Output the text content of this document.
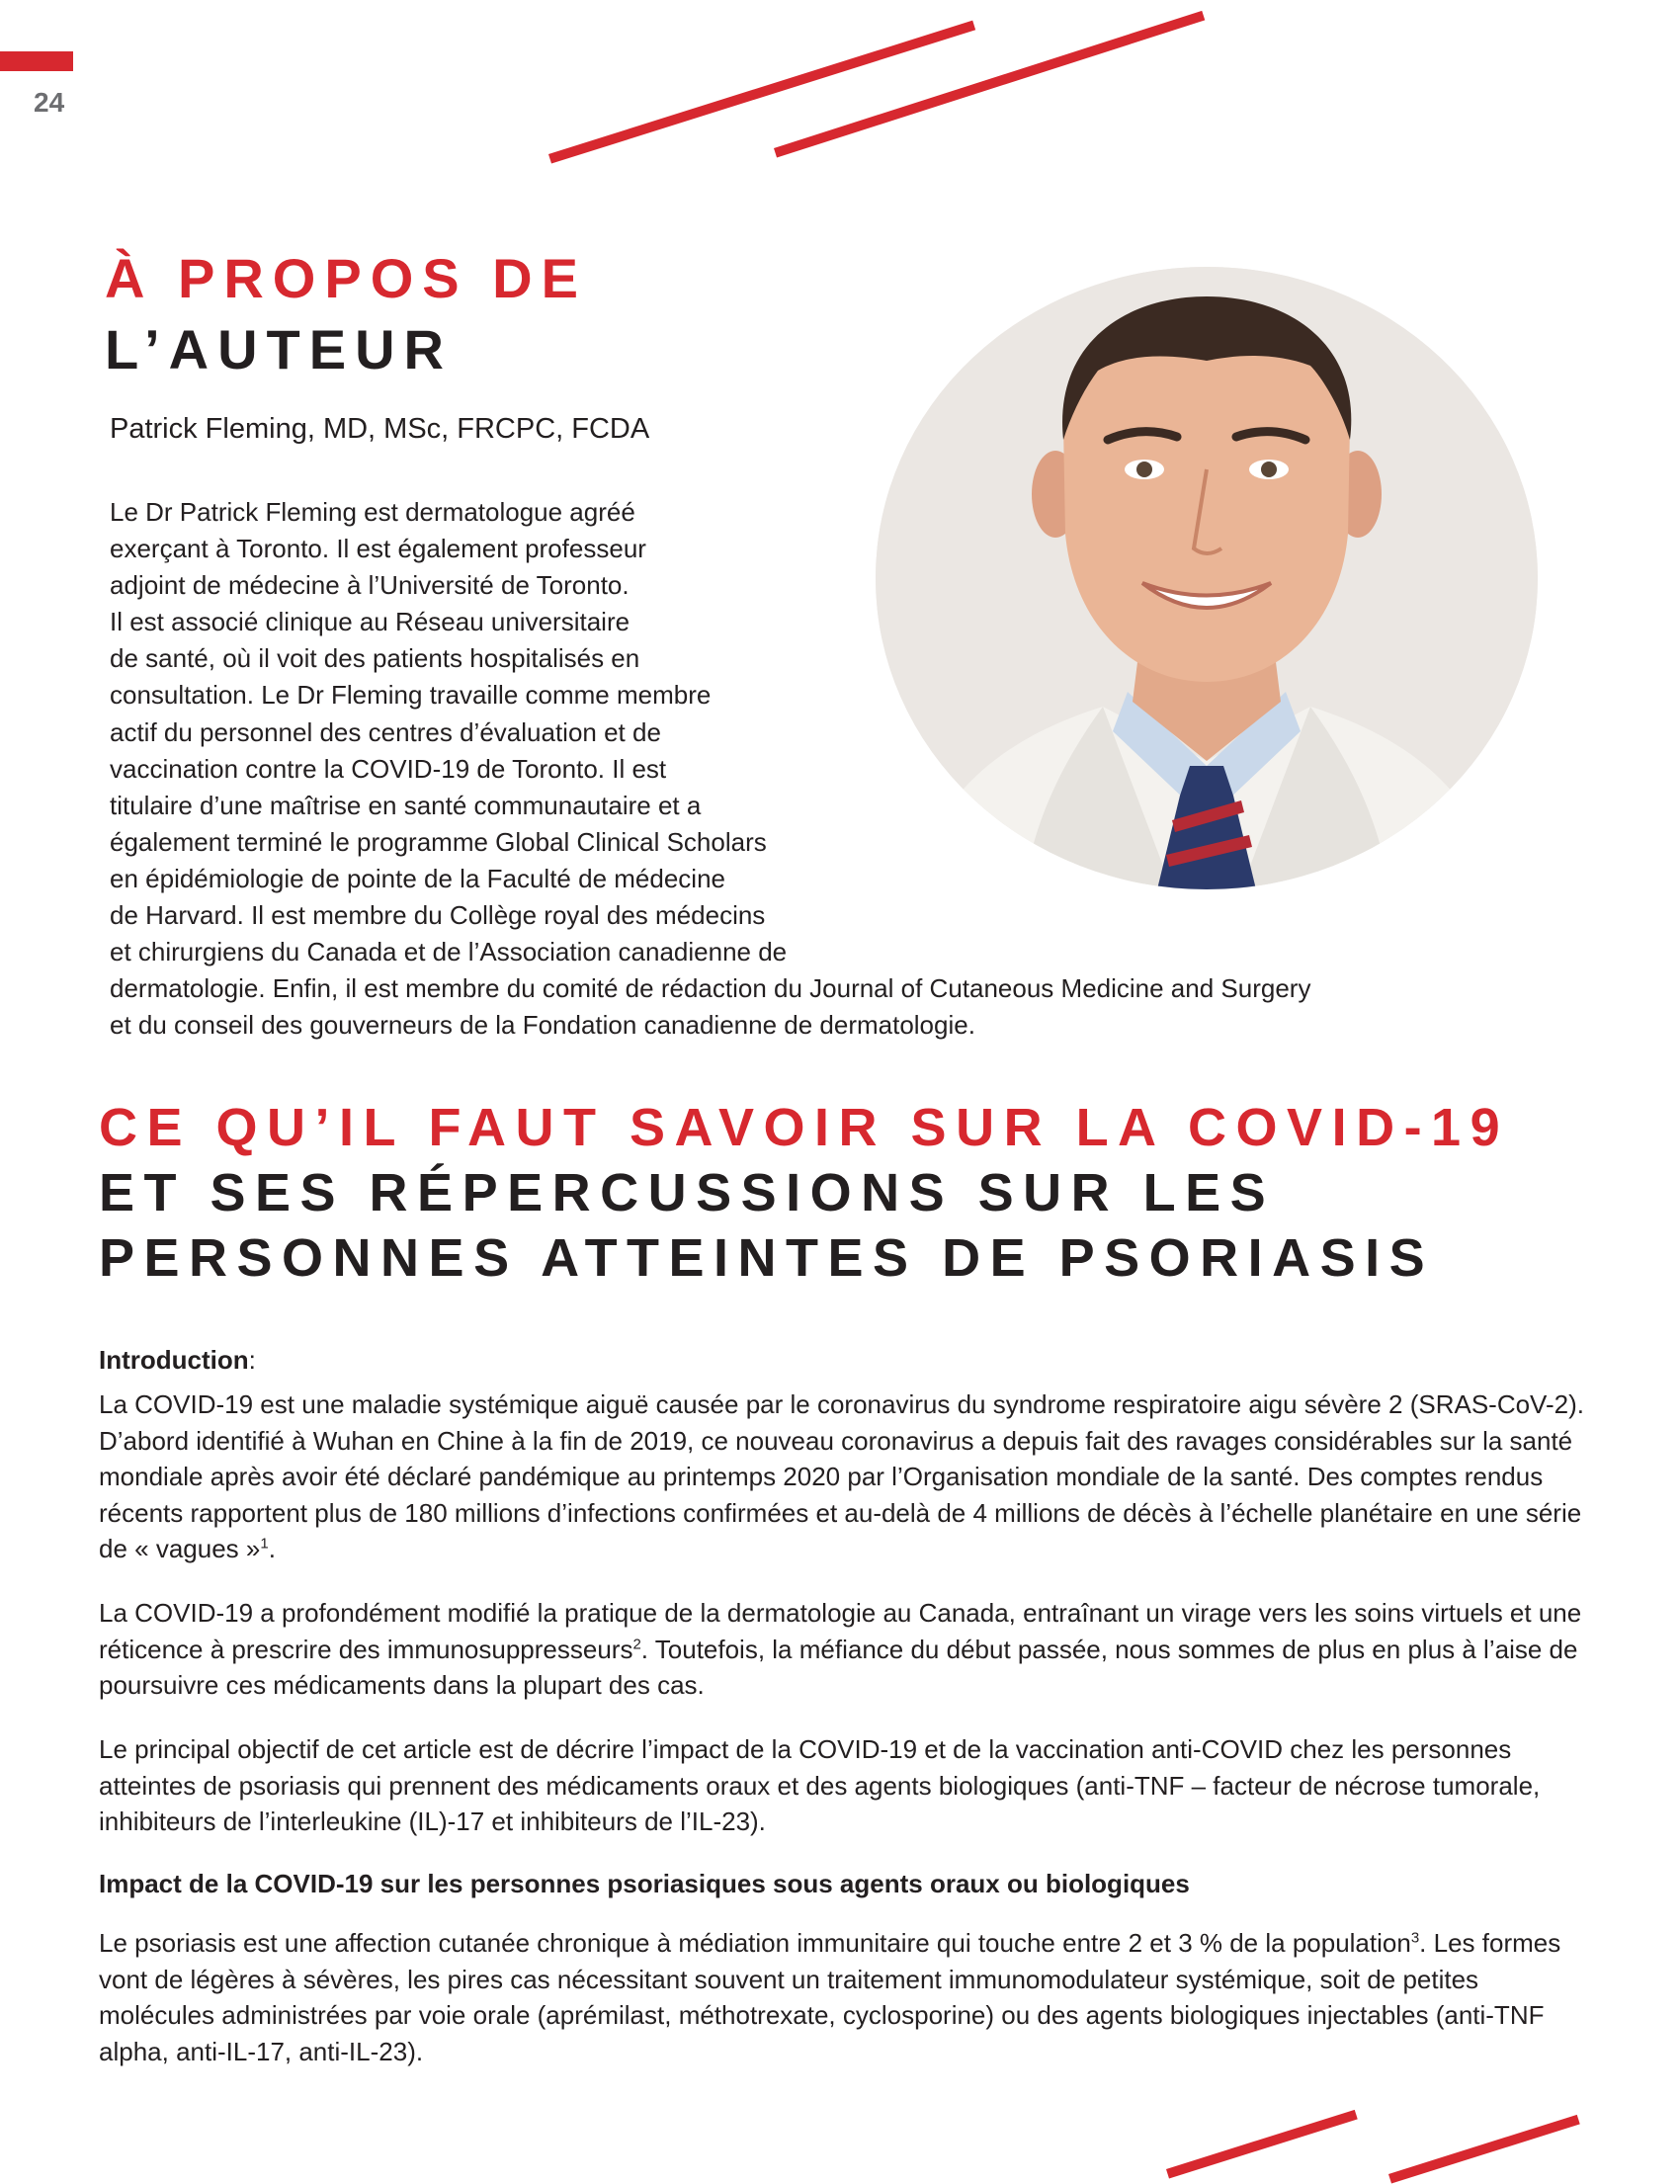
24
À PROPOS DE
L’AUTEUR
Patrick Fleming, MD, MSc, FRCPC, FCDA
Le Dr Patrick Fleming est dermatologue agréé
exerçant à Toronto. Il est également professeur
adjoint de médecine à l’Université de Toronto.
Il est associé clinique au Réseau universitaire
de santé, où il voit des patients hospitalisés en
consultation. Le Dr Fleming travaille comme membre
actif du personnel des centres d’évaluation et de
vaccination contre la COVID-19 de Toronto. Il est
titulaire d’une maîtrise en santé communautaire et a
également terminé le programme Global Clinical Scholars
en épidémiologie de pointe de la Faculté de médecine
de Harvard. Il est membre du Collège royal des médecins
et chirurgiens du Canada et de l’Association canadienne de
dermatologie. Enfin, il est membre du comité de rédaction du Journal of Cutaneous Medicine and Surgery
et du conseil des gouverneurs de la Fondation canadienne de dermatologie.
CE QU’IL FAUT SAVOIR SUR LA COVID-19
ET SES RÉPERCUSSIONS SUR LES
PERSONNES ATTEINTES DE PSORIASIS
Introduction:

La COVID-19 est une maladie systémique aiguë causée par le coronavirus du syndrome respiratoire aigu sévère 2 (SRAS-CoV-2). D’abord identifié à Wuhan en Chine à la fin de 2019, ce nouveau coronavirus a depuis fait des ravages considérables sur la santé mondiale après avoir été déclaré pandémique au printemps 2020 par l’Organisation mondiale de la santé. Des comptes rendus récents rapportent plus de 180 millions d’infections confirmées et au-delà de 4 millions de décès à l’échelle planétaire en une série de « vagues »$^1$.

La COVID-19 a profondément modifié la pratique de la dermatologie au Canada, entraînant un virage vers les soins virtuels et une réticence à prescrire des immunosuppresseurs$^2$. Toutefois, la méfiance du début passée, nous sommes de plus en plus à l’aise de poursuivre ces médicaments dans la plupart des cas.

Le principal objectif de cet article est de décrire l’impact de la COVID-19 et de la vaccination anti-COVID chez les personnes atteintes de psoriasis qui prennent des médicaments oraux et des agents biologiques (anti-TNF – facteur de nécrose tumorale, inhibiteurs de l’interleukine (IL)-17 et inhibiteurs de l’IL-23).

Impact de la COVID-19 sur les personnes psoriasiques sous agents oraux ou biologiques

Le psoriasis est une affection cutanée chronique à médiation immunitaire qui touche entre 2 et 3 % de la population$^3$. Les formes vont de légères à sévères, les pires cas nécessitant souvent un traitement immunomodulateur systémique, soit de petites molécules administrées par voie orale (aprémilast, méthotrexate, cyclosporine) ou des agents biologiques injectables (anti-TNF alpha, anti-IL-17, anti-IL-23).
